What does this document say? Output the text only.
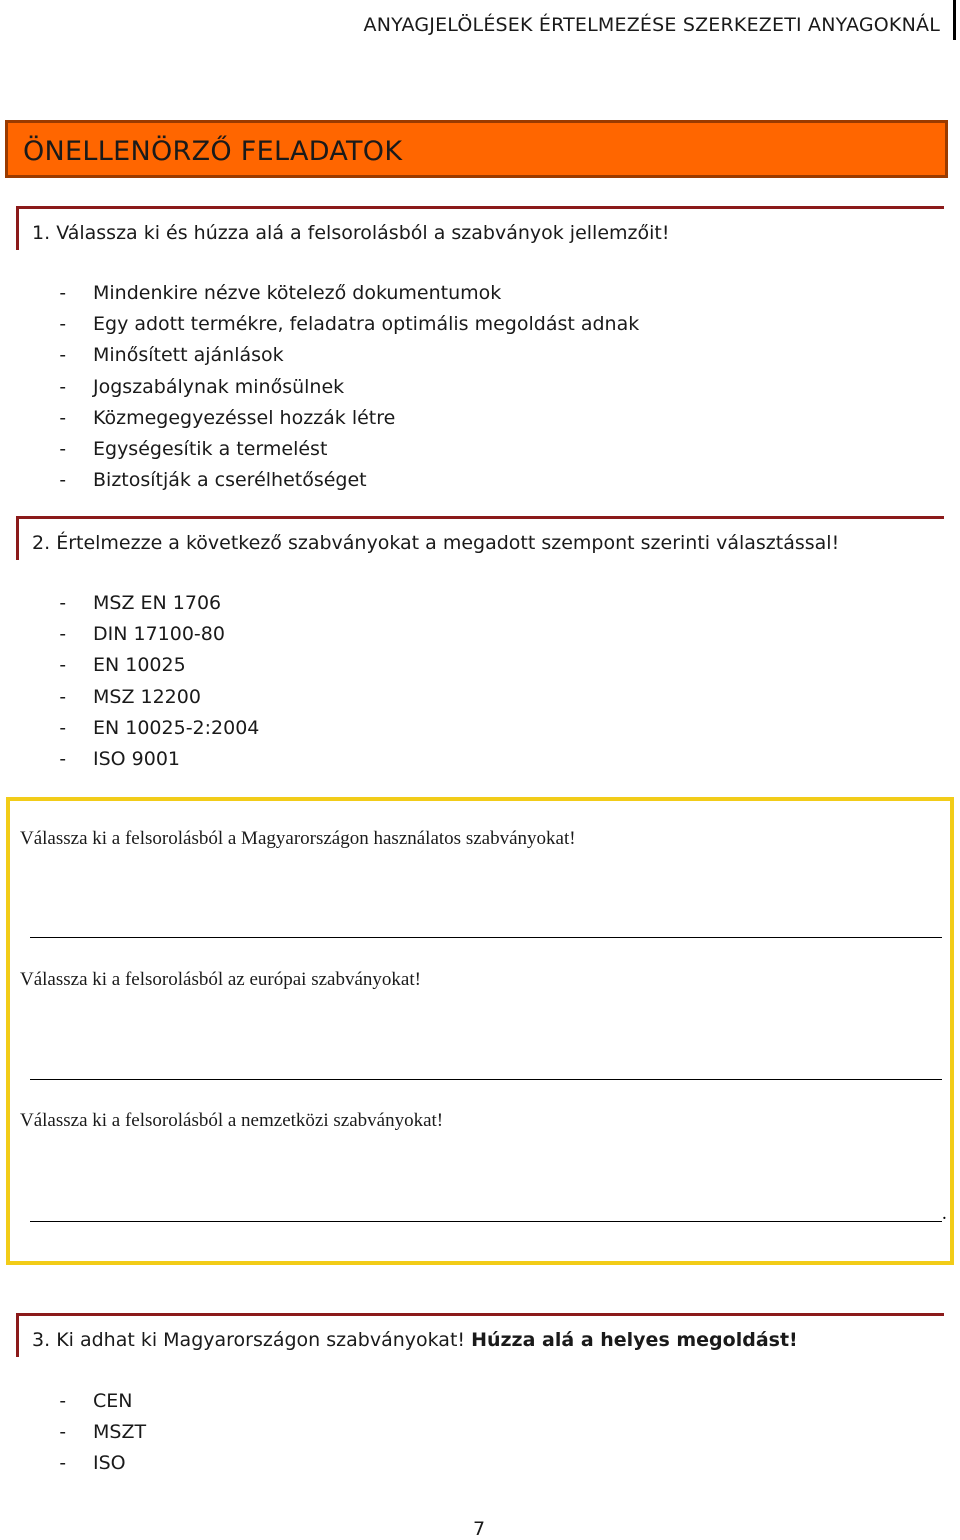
ANYAGJELÖLÉSEK ÉRTELMEZÉSE SZERKEZETI ANYAGOKNÁL
ÖNELLENÖRZŐ FELADATOK
1. Válassza ki és húzza alá a felsorolásból a szabványok jellemzőit!
- Mindenkire nézve kötelező dokumentumok
- Egy adott termékre, feladatra optimális megoldást adnak
- Minősített ajánlások
- Jogszabálynak minősülnek
- Közmegegyezéssel hozzák létre
- Egységesítik a termelést
- Biztosítják a cserélhetőséget
2. Értelmezze a következő szabványokat a megadott szempont szerinti választással!
- MSZ EN 1706
- DIN 17100-80
- EN 10025
- MSZ 12200
- EN 10025-2:2004
- ISO 9001
Válassza ki a felsorolásból a Magyarországon használatos szabványokat!
Válassza ki a felsorolásból az európai szabványokat!
Válassza ki a felsorolásból a nemzetközi szabványokat!
.
3. Ki adhat ki Magyarországon szabványokat! Húzza alá a helyes megoldást!
- CEN
- MSZT
- ISO
7
